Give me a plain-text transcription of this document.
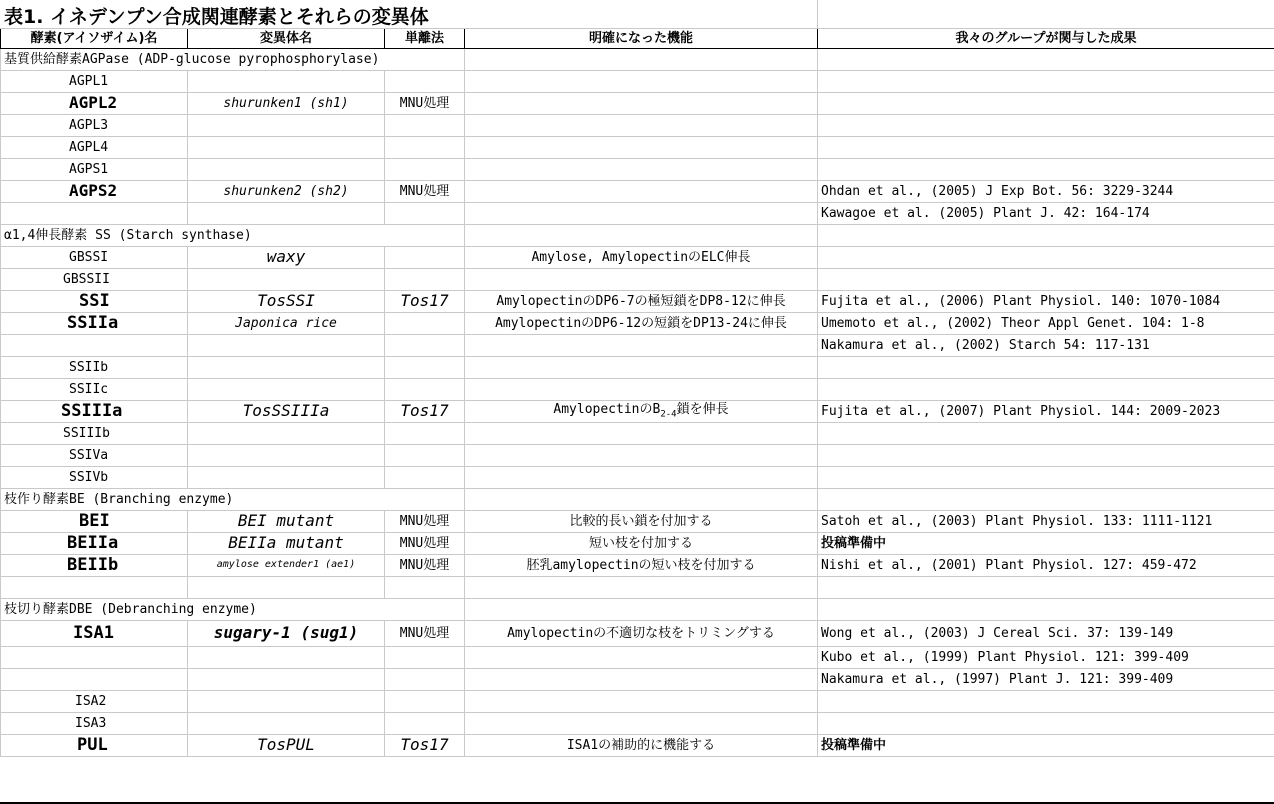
酵素(アイソザイム)名	変異体名	単離法	明確になった機能	我々のグループが関与した成果
基質供給酵素AGPase (ADP-glucose pyrophosphorylase)				
AGPL1				
AGPL2	shurunken1 (sh1)	MNU処理		
AGPL3				
AGPL4				
AGPS1				
AGPS2	shurunken2 (sh2)	MNU処理		Ohdan et al., (2005) J Exp Bot. 56: 3229-3244
				Kawagoe et al. (2005) Plant J. 42: 164-174
α1,4伸長酵素 SS (Starch synthase)				
GBSSI	waxy		Amylose, AmylopectinのELC伸長	
GBSSII				
SSI	TosSSI	Tos17	AmylopectinのDP6-7の極短鎖をDP8-12に伸長	Fujita et al., (2006) Plant Physiol. 140: 1070-1084
SSIIa	Japonica rice		AmylopectinのDP6-12の短鎖をDP13-24に伸長	Umemoto et al., (2002) Theor Appl Genet. 104: 1-8
				Nakamura et al., (2002) Starch 54: 117-131
SSIIb				
SSIIc				
SSIIIa	TosSSIIIa	Tos17	Amylopectinの$B_{2-4}$鎖を伸長	Fujita et al., (2007) Plant Physiol. 144: 2009-2023
SSIIIb				
SSIVa				
SSIVb				
枝作り酵素BE (Branching enzyme)				
BEI	BEI mutant	MNU処理	比較的長い鎖を付加する	Satoh et al., (2003) Plant Physiol. 133: 1111-1121
BEIIa	BEIIa mutant	MNU処理	短い枝を付加する	投稿準備中
BEIIb	amylose extender1 (ae1)	MNU処理	胚乳amylopectinの短い枝を付加する	Nishi et al., (2001) Plant Physiol. 127: 459-472

枝切り酵素DBE (Debranching enzyme)				
ISA1	sugary-1 (sug1)	MNU処理	Amylopectinの不適切な枝をトリミングする	Wong et al., (2003) J Cereal Sci. 37: 139-149
				Kubo et al., (1999) Plant Physiol. 121: 399-409
				Nakamura et al., (1997) Plant J. 121: 399-409
ISA2				
ISA3				
PUL	TosPUL	Tos17	ISA1の補助的に機能する	投稿準備中
表1. イネデンプン合成関連酵素とそれらの変異体
